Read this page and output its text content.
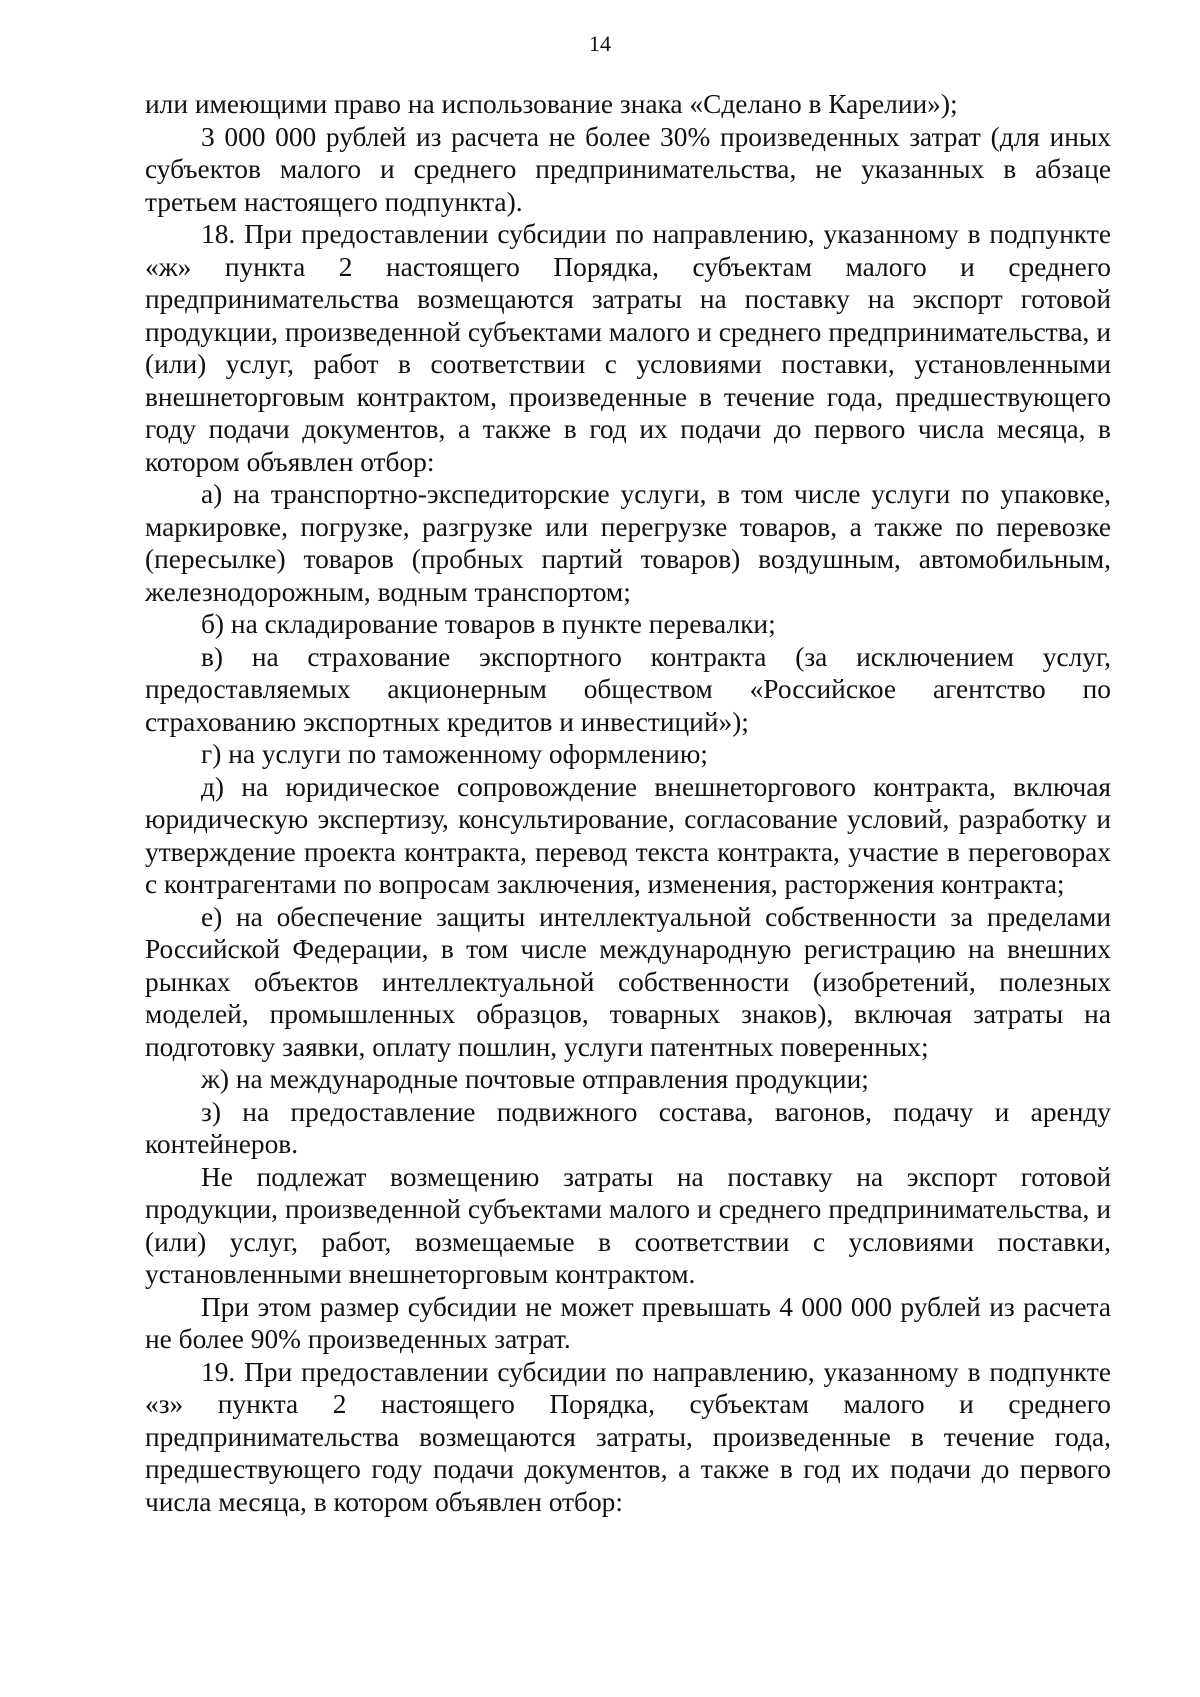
14

или имеющими право на использование знака «Сделано в Карелии»);

3 000 000 рублей из расчета не более 30% произведенных затрат (для иных субъектов малого и среднего предпринимательства, не указанных в абзаце третьем настоящего подпункта).

18. При предоставлении субсидии по направлению, указанному в подпункте «ж» пункта 2 настоящего Порядка, субъектам малого и среднего предпринимательства возмещаются затраты на поставку на экспорт готовой продукции, произведенной субъектами малого и среднего предпринимательства, и (или) услуг, работ в соответствии с условиями поставки, установленными внешнеторговым контрактом, произведенные в течение года, предшествующего году подачи документов, а также в год их подачи до первого числа месяца, в котором объявлен отбор:

а) на транспортно-экспедиторские услуги, в том числе услуги по упаковке, маркировке, погрузке, разгрузке или перегрузке товаров, а также по перевозке (пересылке) товаров (пробных партий товаров) воздушным, автомобильным, железнодорожным, водным транспортом;

б) на складирование товаров в пункте перевалки;

в) на страхование экспортного контракта (за исключением услуг, предоставляемых акционерным обществом «Российское агентство по страхованию экспортных кредитов и инвестиций»);

г) на услуги по таможенному оформлению;

д) на юридическое сопровождение внешнеторгового контракта, включая юридическую экспертизу, консультирование, согласование условий, разработку и утверждение проекта контракта, перевод текста контракта, участие в переговорах с контрагентами по вопросам заключения, изменения, расторжения контракта;

е) на обеспечение защиты интеллектуальной собственности за пределами Российской Федерации, в том числе международную регистрацию на внешних рынках объектов интеллектуальной собственности (изобретений, полезных моделей, промышленных образцов, товарных знаков), включая затраты на подготовку заявки, оплату пошлин, услуги патентных поверенных;

ж) на международные почтовые отправления продукции;

з) на предоставление подвижного состава, вагонов, подачу и аренду контейнеров.

Не подлежат возмещению затраты на поставку на экспорт готовой продукции, произведенной субъектами малого и среднего предпринимательства, и (или) услуг, работ, возмещаемые в соответствии с условиями поставки, установленными внешнеторговым контрактом.

При этом размер субсидии не может превышать 4 000 000 рублей из расчета не более 90% произведенных затрат.

19. При предоставлении субсидии по направлению, указанному в подпункте «з» пункта 2 настоящего Порядка, субъектам малого и среднего предпринимательства возмещаются затраты, произведенные в течение года, предшествующего году подачи документов, а также в год их подачи до первого числа месяца, в котором объявлен отбор:
